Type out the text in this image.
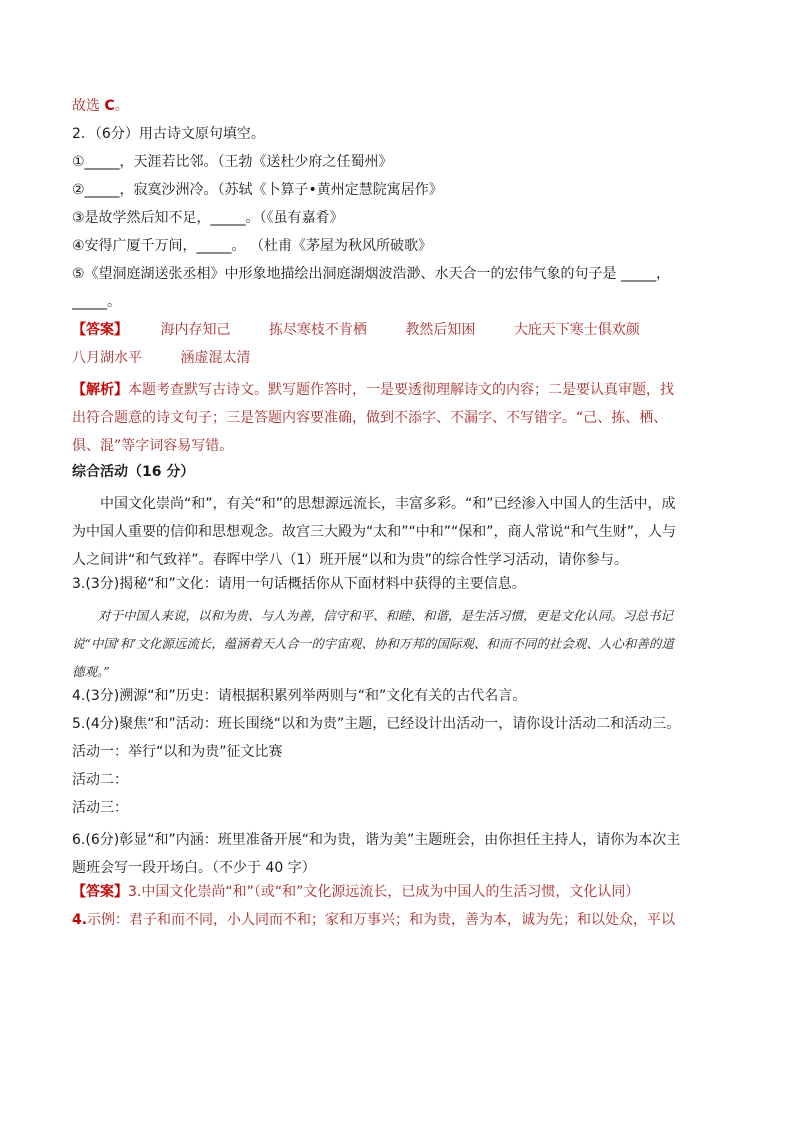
故选 C。
2．（6分）用古诗文原句填空。
①_____，天涯若比邻。（王勃《送杜少府之任蜀州》
②_____，寂寞沙洲冷。（苏轼《卜算子•黄州定慧院寓居作》
③是故学然后知不足，_____。（《虽有嘉肴》
④安得广厦千万间，_____。 （杜甫《茅屋为秋风所破歌》
⑤《望洞庭湖送张丞相》中形象地描绘出洞庭湖烟波浩渺、水天合一的宏伟气象的句子是 _____，_____。
【答案】 海内存知己	拣尽寒枝不肯栖	教然后知困	大庇天下寒士俱欢颜
八月湖水平	涵虚混太清
【解析】本题考查默写古诗文。默写题作答时，一是要透彻理解诗文的内容；二是要认真审题，找出符合题意的诗文句子；三是答题内容要准确，做到不添字、不漏字、不写错字。“己、拣、栖、俱、混”等字词容易写错。
综合活动（16 分）
中国文化崇尚“和”，有关“和”的思想源远流长，丰富多彩。“和”已经渗入中国人的生活中，成为中国人重要的信仰和思想观念。故宫三大殿为“太和”“中和”“保和”，商人常说“和气生财”，人与人之间讲“和气致祥”。春晖中学八（1）班开展“以和为贵”的综合性学习活动，请你参与。
3.(3分)揭秘“和”文化：请用一句话概括你从下面材料中获得的主要信息。
对于中国人来说，以和为贵、与人为善，信守和平、和睦、和谐，是生活习惯，更是文化认同。习总书记说“中国‘和’文化源远流长，蕴涵着天人合一的宇宙观、协和万邦的国际观、和而不同的社会观、人心和善的道德观。”
4.(3分)溯源“和”历史：请根据积累列举两则与“和”文化有关的古代名言。
5.(4分)聚焦“和”活动：班长围绕“以和为贵”主题，已经设计出活动一，请你设计活动二和活动三。
活动一：举行“以和为贵”征文比赛
活动二：
活动三：
6.(6分)彰显“和”内涵：班里准备开展“和为贵，谐为美”主题班会，由你担任主持人，请你为本次主题班会写一段开场白。（不少于 40 字）
【答案】3.中国文化崇尚“和”（或“和”文化源远流长，已成为中国人的生活习惯，文化认同）
4.示例：君子和而不同，小人同而不和；家和万事兴；和为贵，善为本，诚为先；和以处众，平以
